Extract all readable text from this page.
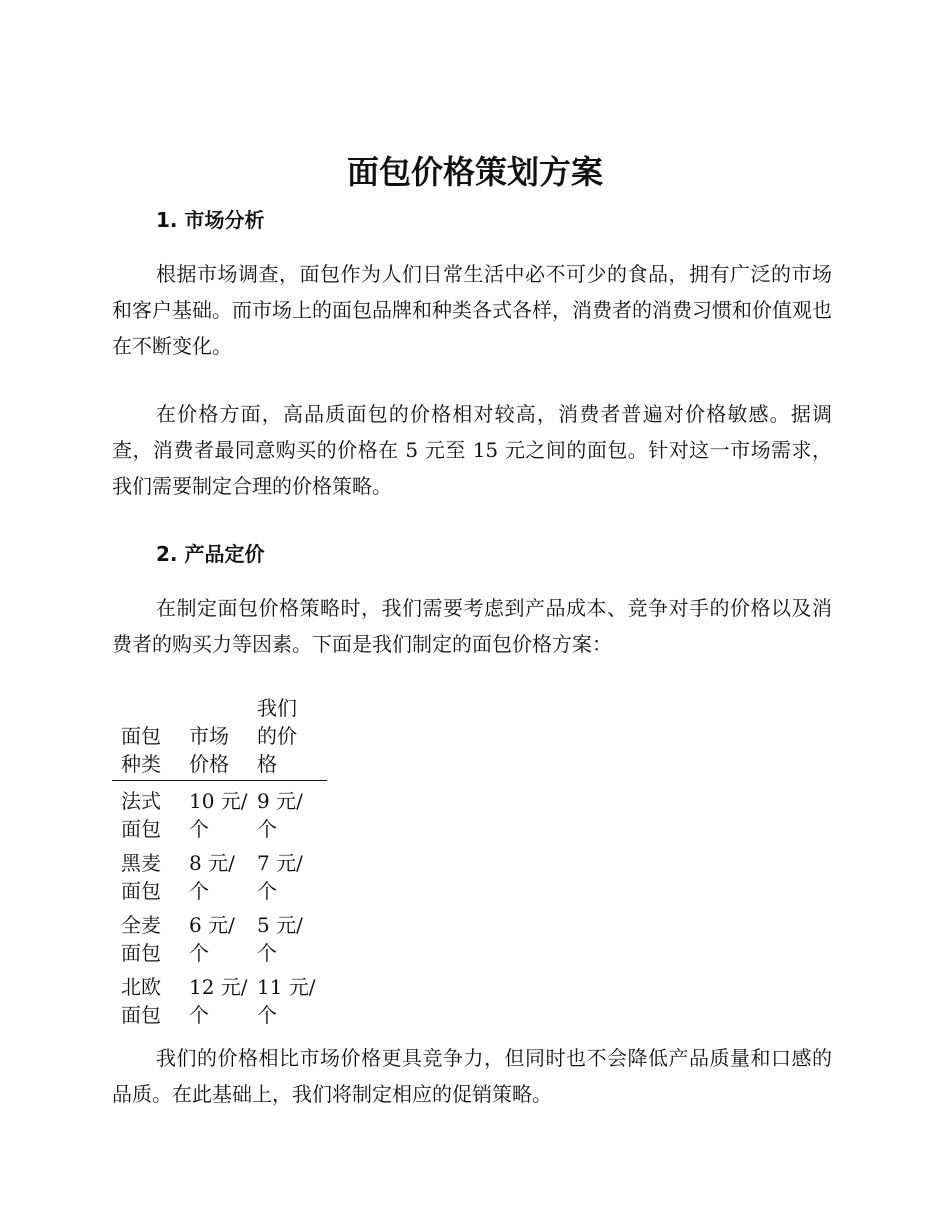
面包价格策划方案
1. 市场分析

根据市场调查，面包作为人们日常生活中必不可少的食品，拥有广泛的市场和客户基础。而市场上的面包品牌和种类各式各样，消费者的消费习惯和价值观也在不断变化。

在价格方面，高品质面包的价格相对较高，消费者普遍对价格敏感。据调查，消费者最同意购买的价格在 5 元至 15 元之间的面包。针对这一市场需求，我们需要制定合理的价格策略。

2. 产品定价

在制定面包价格策略时，我们需要考虑到产品成本、竞争对手的价格以及消费者的购买力等因素。下面是我们制定的面包价格方案：

面包种类	市场价格	我们的价格

法式面包	10 元/个	9 元/个

黑麦面包	8 元/个	7 元/个

全麦面包	6 元/个	5 元/个

北欧面包	12 元/个	11 元/个

我们的价格相比市场价格更具竞争力，但同时也不会降低产品质量和口感的品质。在此基础上，我们将制定相应的促销策略。
